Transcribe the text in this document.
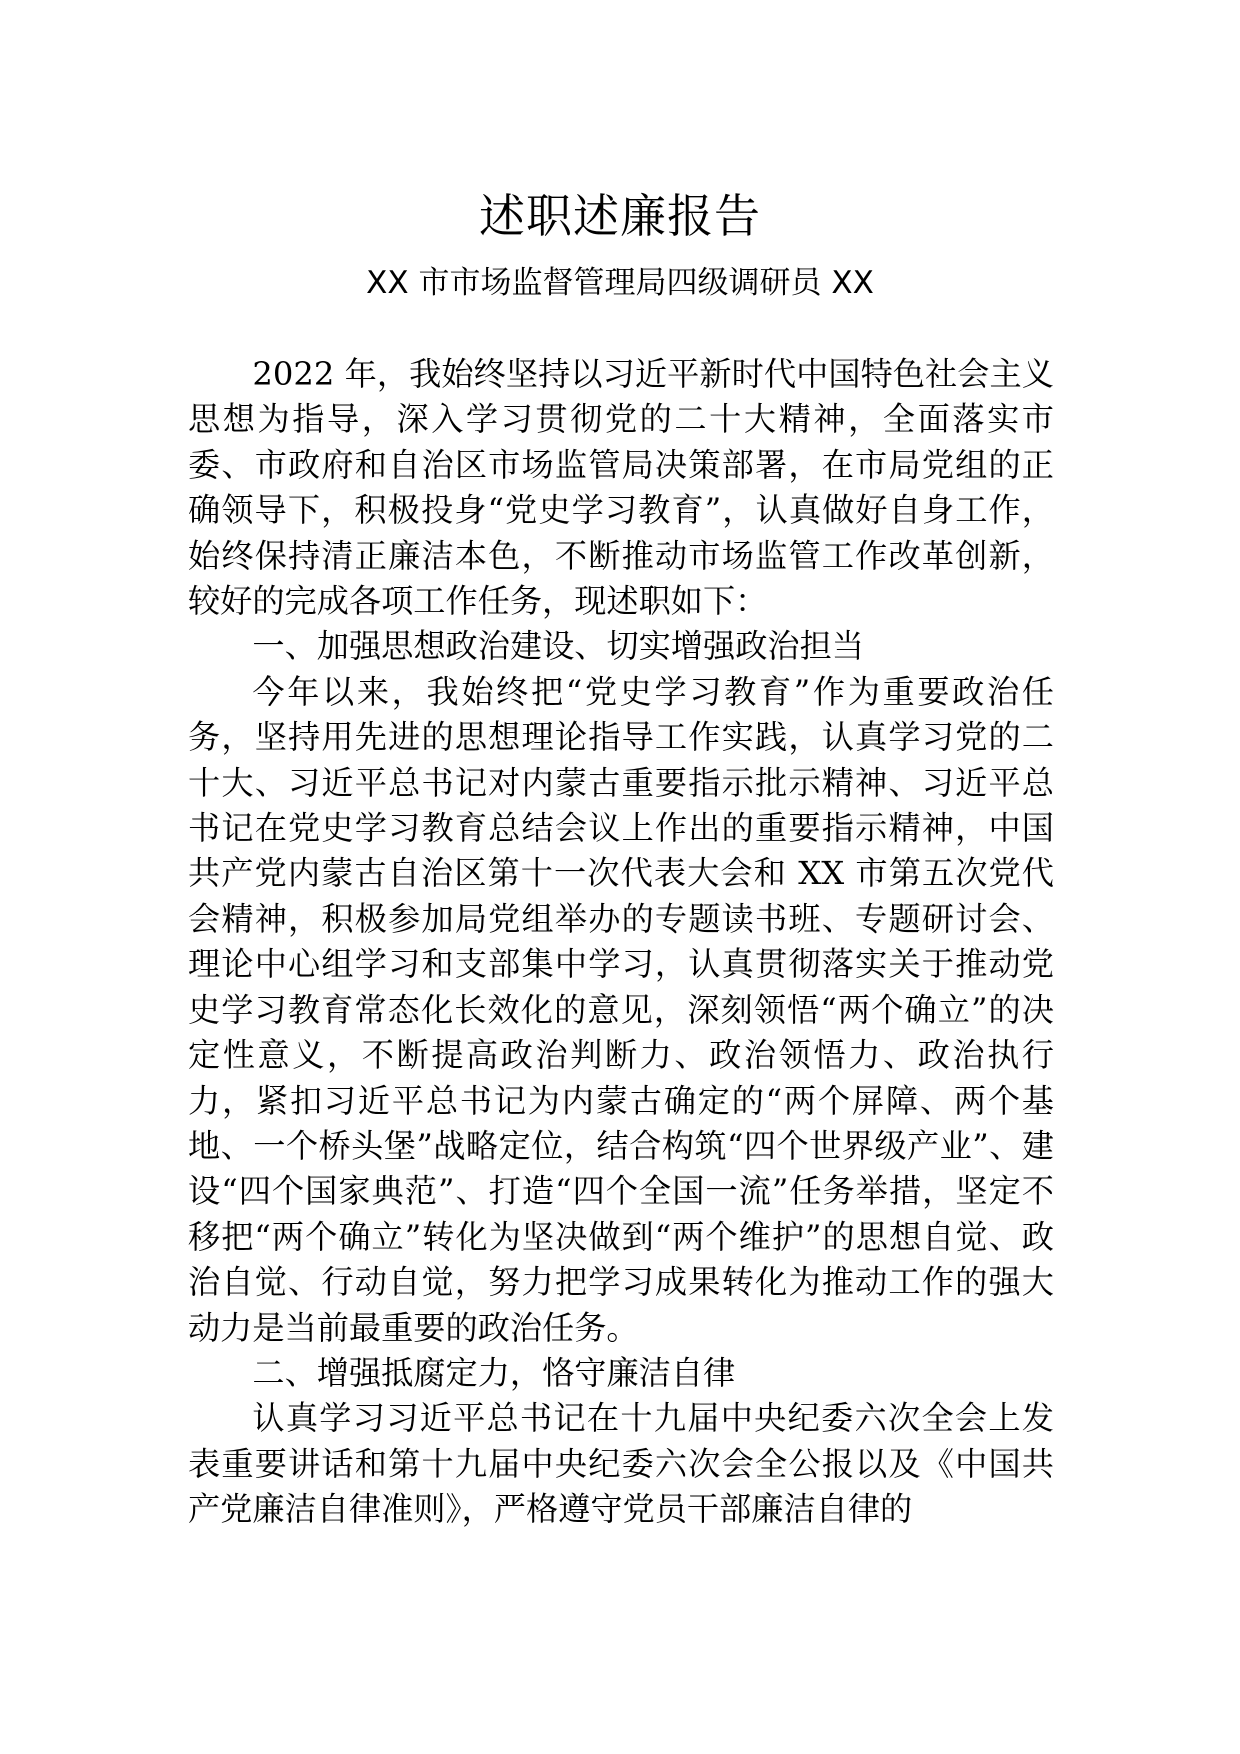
述职述廉报告
XX 市市场监督管理局四级调研员 XX

2022 年，我始终坚持以习近平新时代中国特色社会主义思想为指导，深入学习贯彻党的二十大精神，全面落实市委、市政府和自治区市场监管局决策部署，在市局党组的正确领导下，积极投身“党史学习教育”，认真做好自身工作，始终保持清正廉洁本色，不断推动市场监管工作改革创新，较好的完成各项工作任务，现述职如下：

一、加强思想政治建设、切实增强政治担当

今年以来，我始终把“党史学习教育”作为重要政治任务，坚持用先进的思想理论指导工作实践，认真学习党的二十大、习近平总书记对内蒙古重要指示批示精神、习近平总书记在党史学习教育总结会议上作出的重要指示精神，中国共产党内蒙古自治区第十一次代表大会和 XX 市第五次党代会精神，积极参加局党组举办的专题读书班、专题研讨会、理论中心组学习和支部集中学习，认真贯彻落实关于推动党史学习教育常态化长效化的意见，深刻领悟“两个确立”的决定性意义，不断提高政治判断力、政治领悟力、政治执行力，紧扣习近平总书记为内蒙古确定的“两个屏障、两个基地、一个桥头堡”战略定位，结合构筑“四个世界级产业”、建设“四个国家典范”、打造“四个全国一流”任务举措，坚定不移把“两个确立”转化为坚决做到“两个维护”的思想自觉、政治自觉、行动自觉，努力把学习成果转化为推动工作的强大动力是当前最重要的政治任务。

二、增强抵腐定力，恪守廉洁自律

认真学习习近平总书记在十九届中央纪委六次全会上发表重要讲话和第十九届中央纪委六次会全公报以及《中国共产党廉洁自律准则》，严格遵守党员干部廉洁自律的
